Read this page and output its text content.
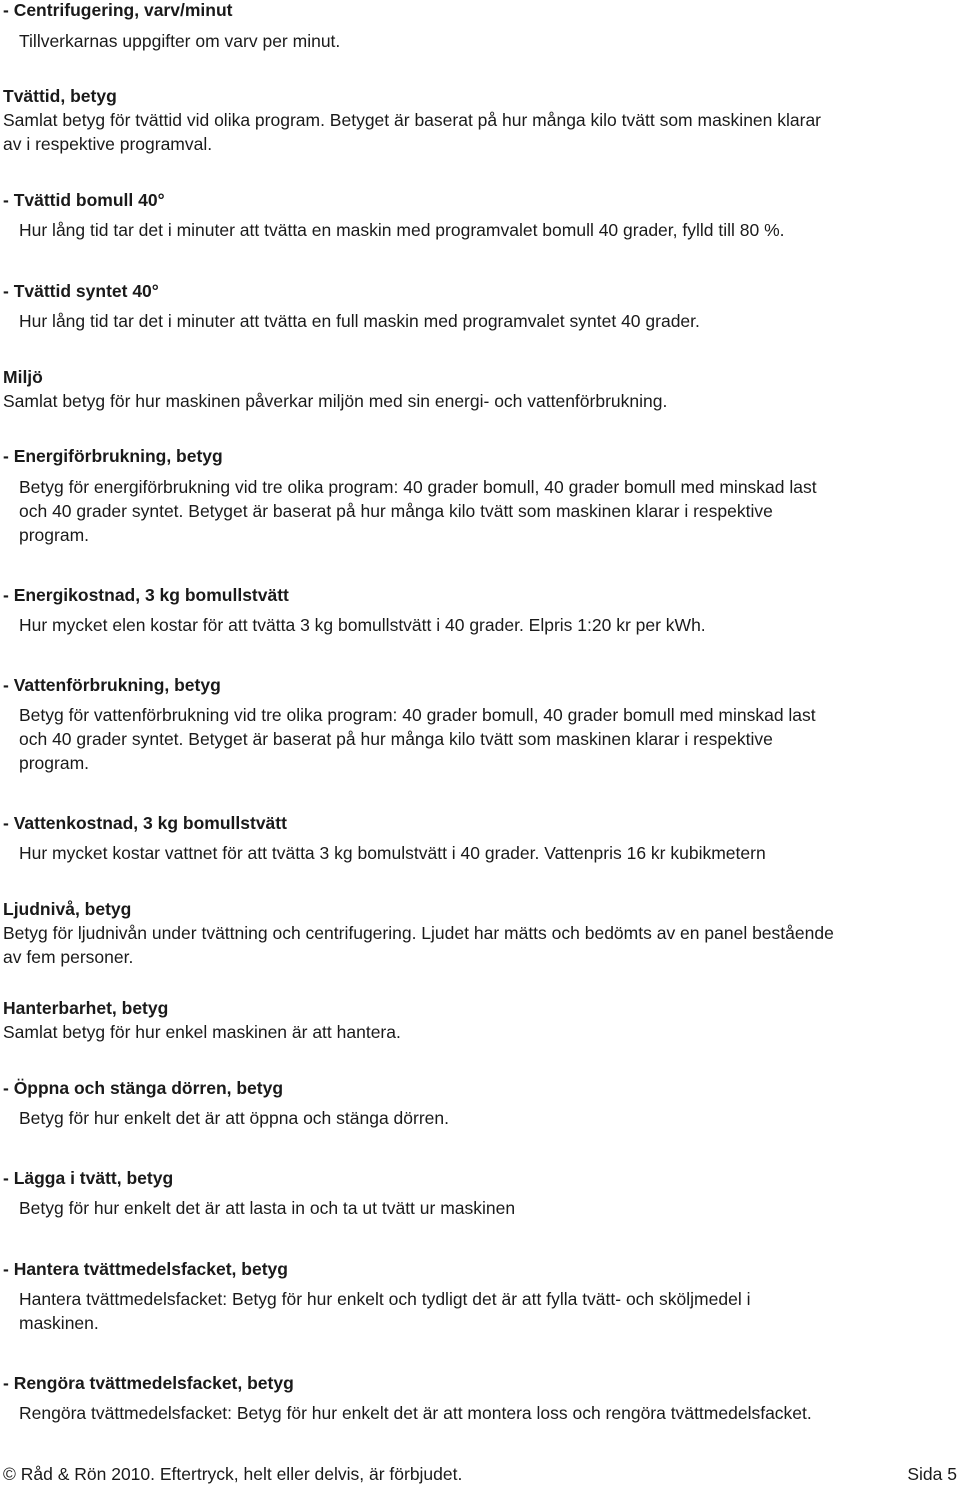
- Centrifugering, varv/minut

Tillverkarnas uppgifter om varv per minut.

Tvättid, betyg

Samlat betyg för tvättid vid olika program. Betyget är baserat på hur många kilo tvätt som maskinen klarar

av i respektive programval.

- Tvättid bomull 40°

Hur lång tid tar det i minuter att tvätta en maskin med programvalet bomull 40 grader, fylld till 80 %.

- Tvättid syntet 40°

Hur lång tid tar det i minuter att tvätta en full maskin med programvalet syntet 40 grader.

Miljö

Samlat betyg för hur maskinen påverkar miljön med sin energi- och vattenförbrukning.

- Energiförbrukning, betyg

Betyg för energiförbrukning vid tre olika program: 40 grader bomull, 40 grader bomull med minskad last

och 40 grader syntet. Betyget är baserat på hur många kilo tvätt som maskinen klarar i respektive

program.

- Energikostnad, 3 kg bomullstvätt

Hur mycket elen kostar för att tvätta 3 kg bomullstvätt i 40 grader. Elpris 1:20 kr per kWh.

- Vattenförbrukning, betyg

Betyg för vattenförbrukning vid tre olika program: 40 grader bomull, 40 grader bomull med minskad last

och 40 grader syntet. Betyget är baserat på hur många kilo tvätt som maskinen klarar i respektive

program.

- Vattenkostnad, 3 kg bomullstvätt

Hur mycket kostar vattnet för att tvätta 3 kg bomulstvätt i 40 grader. Vattenpris 16 kr kubikmetern

Ljudnivå, betyg

Betyg för ljudnivån under tvättning och centrifugering. Ljudet har mätts och bedömts av en panel bestående

av fem personer.

Hanterbarhet, betyg

Samlat betyg för hur enkel maskinen är att hantera.

- Öppna och stänga dörren, betyg

Betyg för hur enkelt det är att öppna och stänga dörren.

- Lägga i tvätt, betyg

Betyg för hur enkelt det är att lasta in och ta ut tvätt ur maskinen

- Hantera tvättmedelsfacket, betyg

Hantera tvättmedelsfacket: Betyg för hur enkelt och tydligt det är att fylla tvätt- och sköljmedel i

maskinen.

- Rengöra tvättmedelsfacket, betyg

Rengöra tvättmedelsfacket: Betyg för hur enkelt det är att montera loss och rengöra tvättmedelsfacket.

© Råd & Rön 2010. Eftertryck, helt eller delvis, är förbjudet.	Sida 5
